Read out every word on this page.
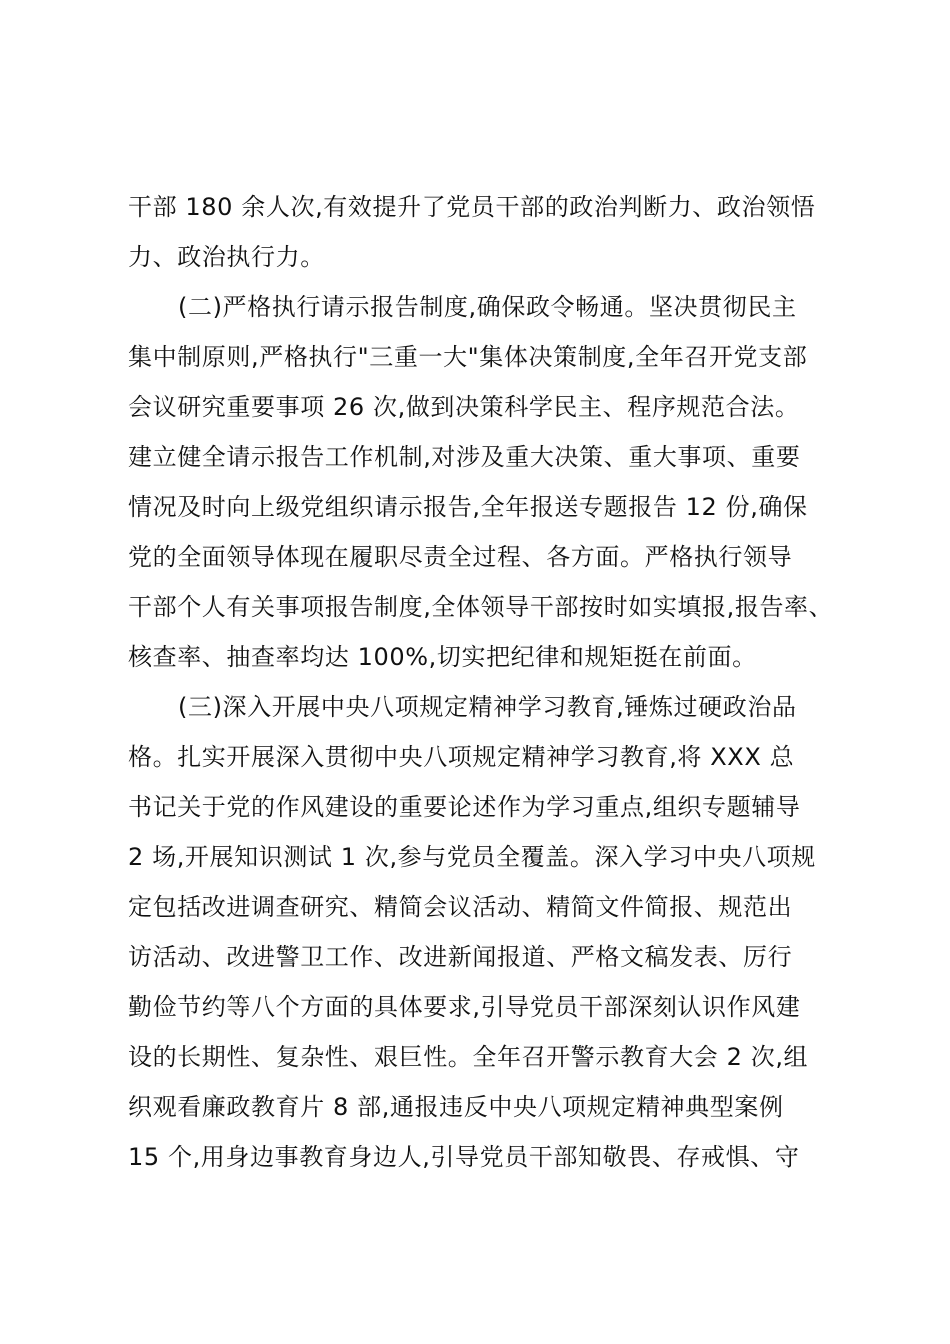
干部 180 余人次,有效提升了党员干部的政治判断力、政治领悟
力、政治执行力。
(二)严格执行请示报告制度,确保政令畅通。坚决贯彻民主
集中制原则,严格执行"三重一大"集体决策制度,全年召开党支部
会议研究重要事项 26 次,做到决策科学民主、程序规范合法。
建立健全请示报告工作机制,对涉及重大决策、重大事项、重要
情况及时向上级党组织请示报告,全年报送专题报告 12 份,确保
党的全面领导体现在履职尽责全过程、各方面。严格执行领导
干部个人有关事项报告制度,全体领导干部按时如实填报,报告率、
核查率、抽查率均达 100%,切实把纪律和规矩挺在前面。
(三)深入开展中央八项规定精神学习教育,锤炼过硬政治品
格。扎实开展深入贯彻中央八项规定精神学习教育,将 XXX 总
书记关于党的作风建设的重要论述作为学习重点,组织专题辅导
2 场,开展知识测试 1 次,参与党员全覆盖。深入学习中央八项规
定包括改进调查研究、精简会议活动、精简文件简报、规范出
访活动、改进警卫工作、改进新闻报道、严格文稿发表、厉行
勤俭节约等八个方面的具体要求,引导党员干部深刻认识作风建
设的长期性、复杂性、艰巨性。全年召开警示教育大会 2 次,组
织观看廉政教育片 8 部,通报违反中央八项规定精神典型案例
15 个,用身边事教育身边人,引导党员干部知敬畏、存戒惧、守
